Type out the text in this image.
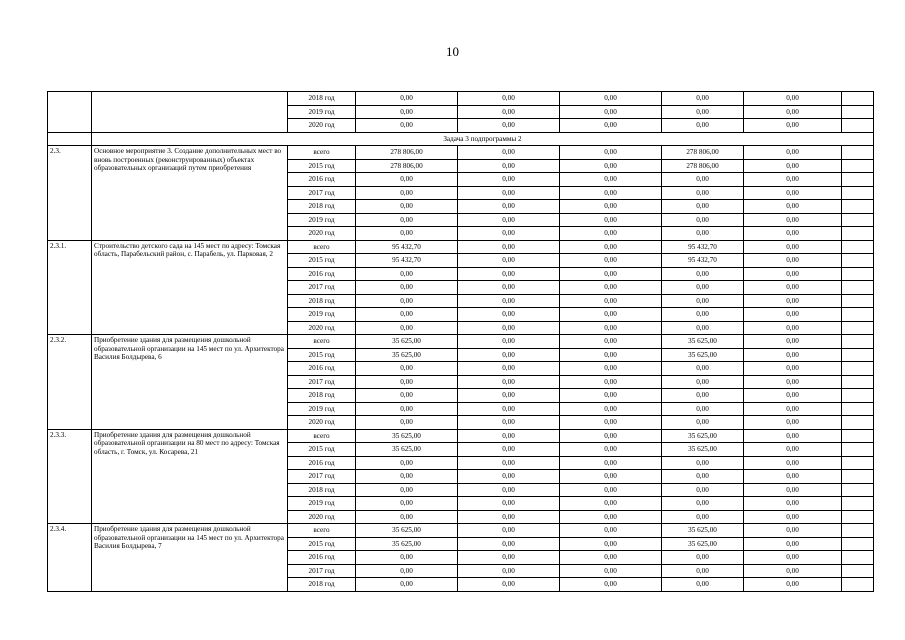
10
		2018 год	0,00	0,00	0,00	0,00	0,00	
		2019 год	0,00	0,00	0,00	0,00	0,00	
		2020 год	0,00	0,00	0,00	0,00	0,00	
	Задача 3 подпрограммы 2							
2.3.	Основное мероприятие 3. Создание дополнительных мест во вновь построенных (реконструированных) объектах образовательных организаций путем приобретения	всего	278 806,00	0,00	0,00	278 806,00	0,00	
		2015 год	278 806,00	0,00	0,00	278 806,00	0,00	
		2016 год	0,00	0,00	0,00	0,00	0,00	
		2017 год	0,00	0,00	0,00	0,00	0,00	
		2018 год	0,00	0,00	0,00	0,00	0,00	
		2019 год	0,00	0,00	0,00	0,00	0,00	
		2020 год	0,00	0,00	0,00	0,00	0,00	
2.3.1.	Строительство детского сада на 145 мест по адресу: Томская область, Парабельский район, с. Парабель, ул. Парковая, 2	всего	95 432,70	0,00	0,00	95 432,70	0,00	
		2015 год	95 432,70	0,00	0,00	95 432,70	0,00	
		2016 год	0,00	0,00	0,00	0,00	0,00	
		2017 год	0,00	0,00	0,00	0,00	0,00	
		2018 год	0,00	0,00	0,00	0,00	0,00	
		2019 год	0,00	0,00	0,00	0,00	0,00	
		2020 год	0,00	0,00	0,00	0,00	0,00	
2.3.2.	Приобретение здания для размещения дошкольной образовательной организации на 145 мест по ул. Архитектора Василия Болдырева, 6	всего	35 625,00	0,00	0,00	35 625,00	0,00	
		2015 год	35 625,00	0,00	0,00	35 625,00	0,00	
		2016 год	0,00	0,00	0,00	0,00	0,00	
		2017 год	0,00	0,00	0,00	0,00	0,00	
		2018 год	0,00	0,00	0,00	0,00	0,00	
		2019 год	0,00	0,00	0,00	0,00	0,00	
		2020 год	0,00	0,00	0,00	0,00	0,00	
2.3.3.	Приобретение здания для размещения дошкольной образовательной организации на 80 мест по адресу: Томская область, г. Томск, ул. Косарева, 21	всего	35 625,00	0,00	0,00	35 625,00	0,00	
		2015 год	35 625,00	0,00	0,00	35 625,00	0,00	
		2016 год	0,00	0,00	0,00	0,00	0,00	
		2017 год	0,00	0,00	0,00	0,00	0,00	
		2018 год	0,00	0,00	0,00	0,00	0,00	
		2019 год	0,00	0,00	0,00	0,00	0,00	
		2020 год	0,00	0,00	0,00	0,00	0,00	
2.3.4.	Приобретение здания для размещения дошкольной образовательной организации на 145 мест по ул. Архитектора Василия Болдырева, 7	всего	35 625,00	0,00	0,00	35 625,00	0,00	
		2015 год	35 625,00	0,00	0,00	35 625,00	0,00	
		2016 год	0,00	0,00	0,00	0,00	0,00	
		2017 год	0,00	0,00	0,00	0,00	0,00	
		2018 год	0,00	0,00	0,00	0,00	0,00	
